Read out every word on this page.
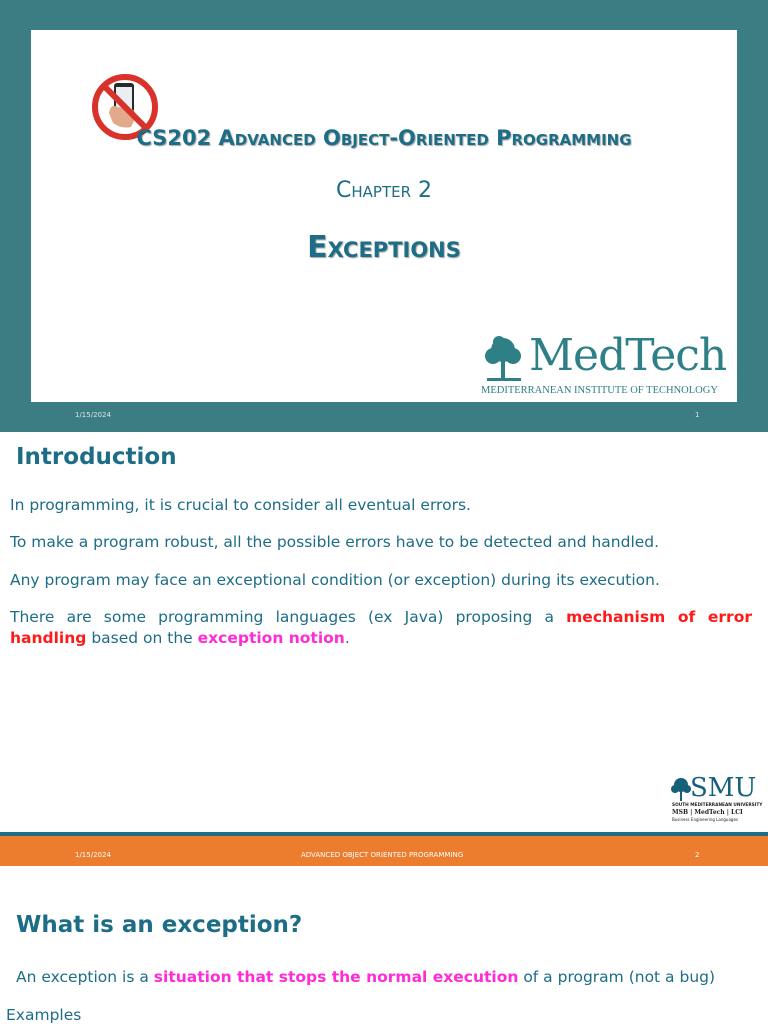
CS202 Advanced Object-Oriented Programming
Chapter 2
Exceptions
MedTech
MEDITERRANEAN INSTITUTE OF TECHNOLOGY
1/15/2024	1
Introduction

In programming, it is crucial to consider all eventual errors.

To make a program robust, all the possible errors have to be detected and handled.

Any program may face an exceptional condition (or exception) during its execution.

There are some programming languages (ex Java) proposing a mechanism of error handling based on the exception notion.

SMU
SOUTH MEDITERRANEAN UNIVERSITY
MSB | MedTech | LCI
Business Engineering Languages
1/15/2024	ADVANCED OBJECT ORIENTED PROGRAMMING	2
What is an exception?

An exception is a situation that stops the normal execution of a program (not a bug)

Examples
